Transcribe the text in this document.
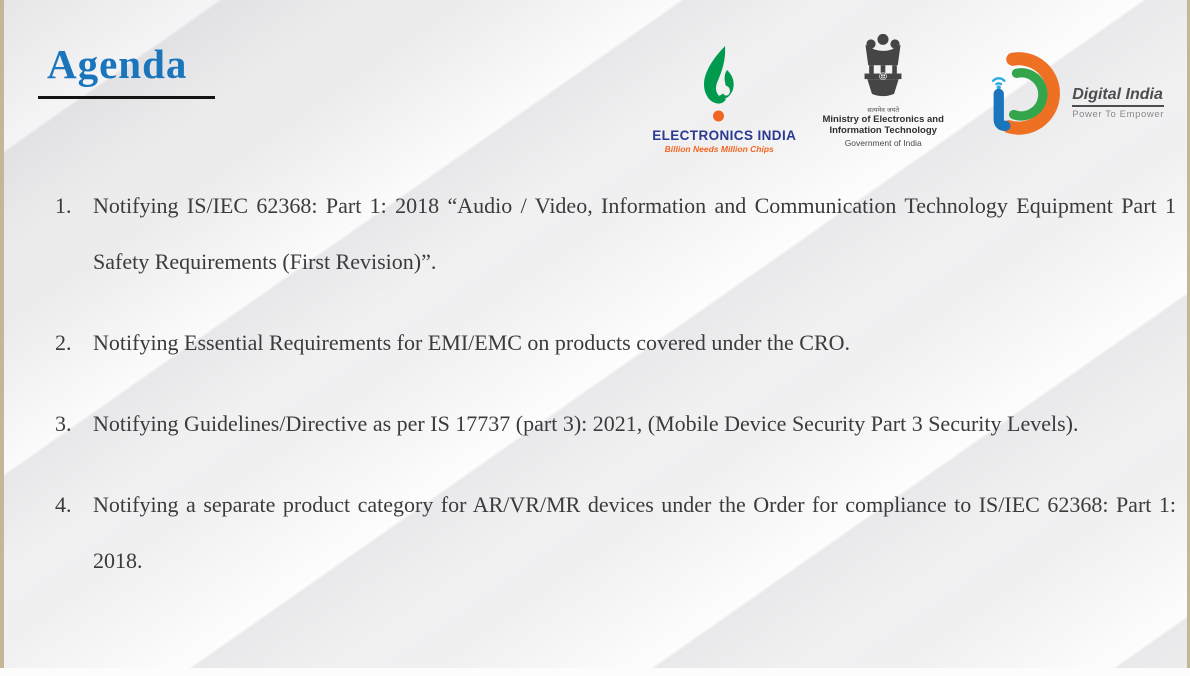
Agenda
ELECTRONICS INDIA
Billion Needs Million Chips
सत्यमेव जयते
Ministry of Electronics and
Information Technology
Government of India
Digital India
Power To Empower
1. Notifying IS/IEC 62368: Part 1: 2018 “Audio / Video, Information and Communication Technology Equipment Part 1 Safety Requirements (First Revision)”.
2. Notifying Essential Requirements for EMI/EMC on products covered under the CRO.
3. Notifying Guidelines/Directive as per IS 17737 (part 3): 2021, (Mobile Device Security Part 3 Security Levels).
4. Notifying a separate product category for AR/VR/MR devices under the Order for compliance to IS/IEC 62368: Part 1: 2018.
